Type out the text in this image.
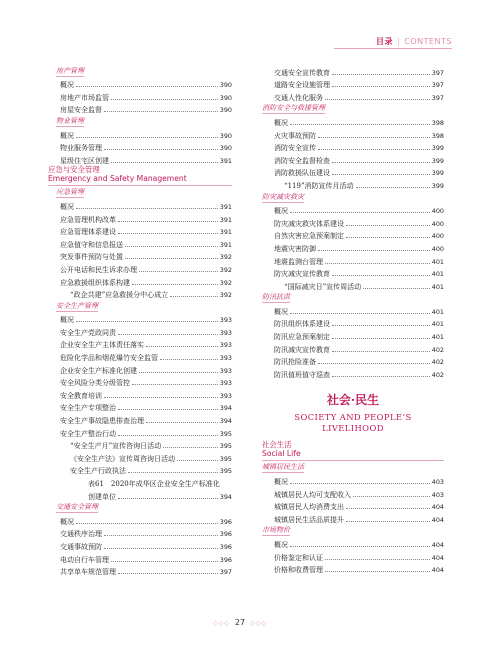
目录 | CONTENTS
房产管理
概况	390
房地产市场监管	390
房屋安全监督	390
物业管理
概况	390
物业服务管理	390
星级住宅区创建	391
应急与安全管理
Emergency and Safety Management
应急管理
概况	391
应急管理机构改革	391
应急管理体系建设	391
应急值守和信息报送	391
突发事件预防与处置	392
公开电话和民生诉求办理	392
应急救援组织体系构建	392
“政企共建”应急救援分中心成立	392
安全生产管理
概况	393
安全生产党政同责	393
企业安全生产主体责任落实	393
危险化学品和烟花爆竹安全监管	393
企业安全生产标准化创建	393
安全风险分类分级管控	393
安全教育培训	393
安全生产专项整治	394
安全生产事故隐患排查治理	394
安全生产整治行动	395
“安全生产月”宣传咨询日活动	395
《安全生产法》宣传周咨询日活动	395
安全生产行政执法	395
表61　2020年成华区企业安全生产标准化
创建单位	394
交通安全管理
概况	396
交通秩序治理	396
交通事故预防	396
电动自行车管理	396
共享单车规范管理	397
交通安全宣传教育	397
道路安全设施管理	397
交通人性化服务	397
消防安全与救援管理
概况	398
火灾事故预防	398
消防安全宣传	399
消防安全监督检查	399
消防救援队伍建设	399
“119”消防宣传月活动	399
防灾减灾救灾
概况	400
防灾减灾救灾体系建设	400
自然灾害应急预案制定	400
地震灾害防御	400
地震监测台管理	401
防灾减灾宣传教育	401
“国际减灾日”宣传周活动	401
防汛抗洪
概况	401
防汛组织体系建设	401
防汛应急预案制定	401
防汛减灾宣传教育	402
防汛抢险准备	402
防汛值班值守巡查	402
社会·民生
SOCIETY AND PEOPLE’S
LIVELIHOOD
社会生活
Social Life
城镇居民生活
概况	403
城镇居民人均可支配收入	403
城镇居民人均消费支出	404
城镇居民生活品质提升	404
市场物价
概况	404
价格鉴定和认证	404
价格和收费管理	404
◇◇◇ 27 ◇◇◇
